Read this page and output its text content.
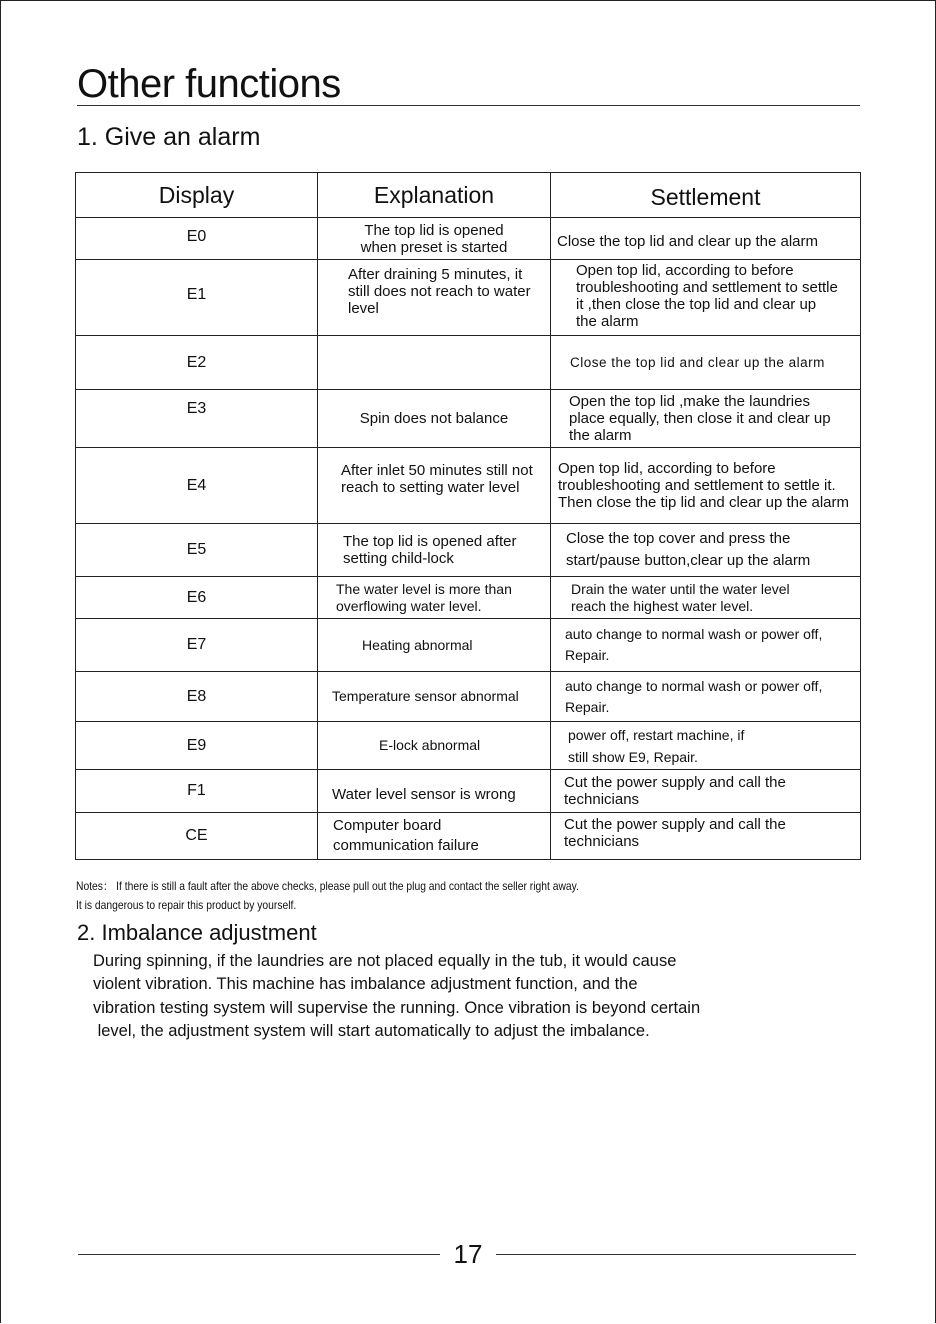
Other functions
1. Give an alarm
Display	Explanation	Settlement
E0	The top lid is opened when preset is started	Close the top lid and clear up the alarm
E1	After draining 5 minutes, it still does not reach to water level	Open top lid, according to before troubleshooting and settlement to settle it ,then close the top lid and clear up the alarm
E2		Close the top lid and clear up the alarm
E3	Spin does not balance	Open the top lid ,make the laundries place equally, then close it and clear up the alarm
E4	After inlet 50 minutes still not reach to setting water level	Open top lid, according to before troubleshooting and settlement to settle it. Then close the tip lid and clear up the alarm
E5	The top lid is opened after setting child-lock	Close the top cover and press the start/pause button,clear up the alarm
E6	The water level is more than overflowing water level.	Drain the water until the water level reach the highest water level.
E7	Heating abnormal	auto change to normal wash or power off, Repair.
E8	Temperature sensor abnormal	auto change to normal wash or power off, Repair.
E9	E-lock abnormal	power off, restart machine, if still show E9, Repair.
F1	Water level sensor is wrong	Cut the power supply and call the technicians
CE	Computer board communication failure	Cut the power supply and call the technicians
Notes： If there is still a fault after the above checks, please pull out the plug and contact the seller right away.
It is dangerous to repair this product by yourself.
2. Imbalance adjustment
During spinning, if the laundries are not placed equally in the tub, it would cause
violent vibration. This machine has imbalance adjustment function, and the
vibration testing system will supervise the running. Once vibration is beyond certain
level, the adjustment system will start automatically to adjust the imbalance.
17
